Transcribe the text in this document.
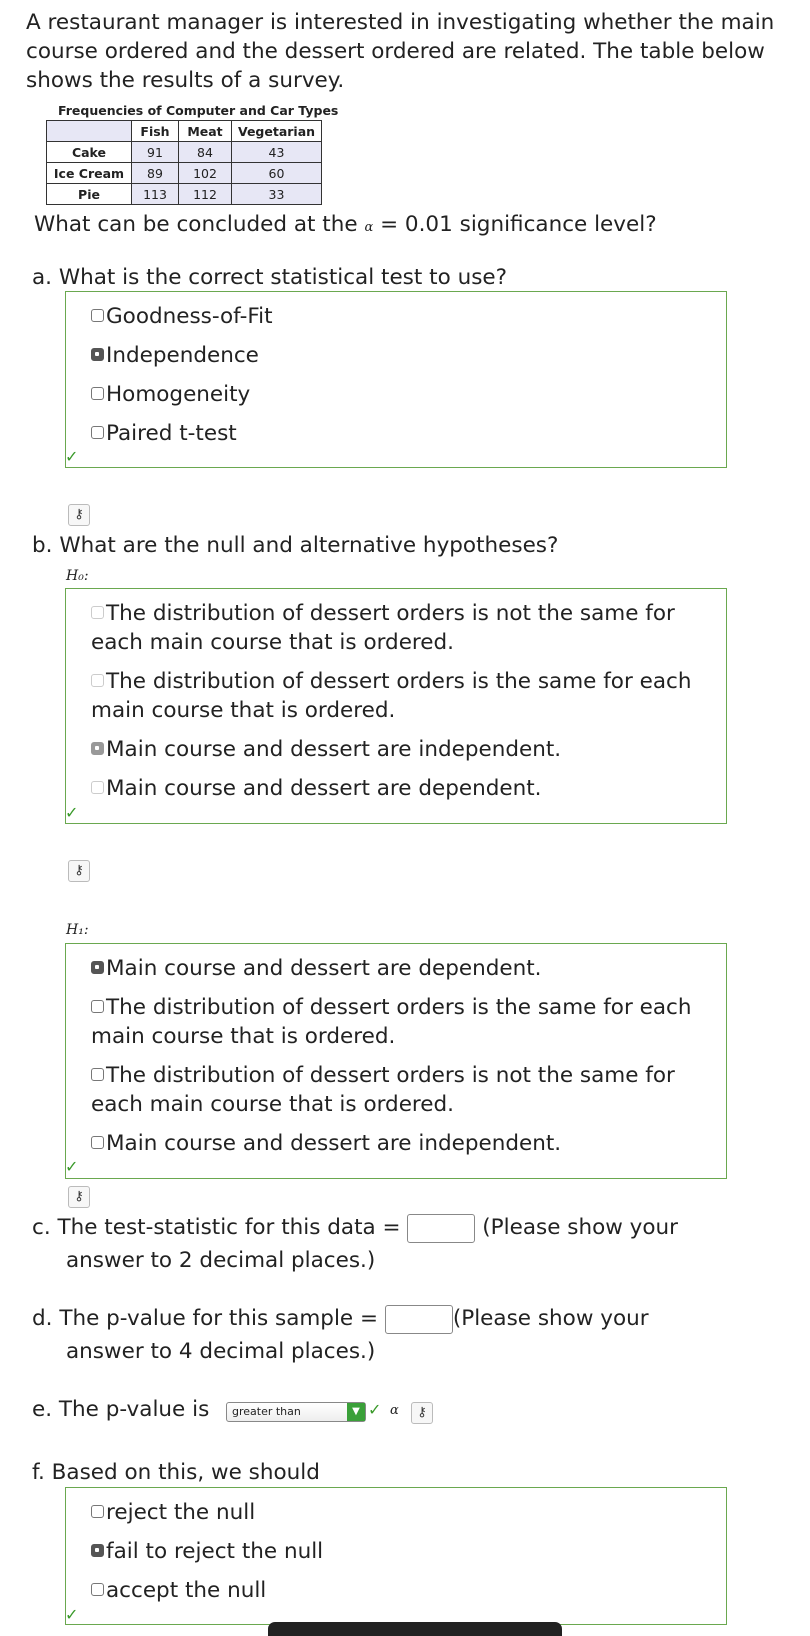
A restaurant manager is interested in investigating whether the main course ordered and the dessert ordered are related. The table below shows the results of a survey.
Frequencies of Computer and Car Types
	Fish	Meat	Vegetarian
Cake	91	84	43
Ice Cream	89	102	60
Pie	113	112	33
What can be concluded at the α = 0.01 significance level?
a. What is the correct statistical test to use?
Goodness-of-Fit
Independence
Homogeneity
Paired t-test
✓
⚷
b. What are the null and alternative hypotheses?
H₀:
The distribution of dessert orders is not the same for each main course that is ordered.
The distribution of dessert orders is the same for each main course that is ordered.
Main course and dessert are independent.
Main course and dessert are dependent.
✓
⚷
H₁:
Main course and dessert are dependent.
The distribution of dessert orders is the same for each main course that is ordered.
The distribution of dessert orders is not the same for each main course that is ordered.
Main course and dessert are independent.
✓
⚷
c. The test-statistic for this data =	(Please show your
answer to 2 decimal places.)
d. The p-value for this sample =	(Please show your
answer to 4 decimal places.)
e. The p-value is	greater than	▼ ✓ α	⚷
f. Based on this, we should
reject the null
fail to reject the null
accept the null
✓
